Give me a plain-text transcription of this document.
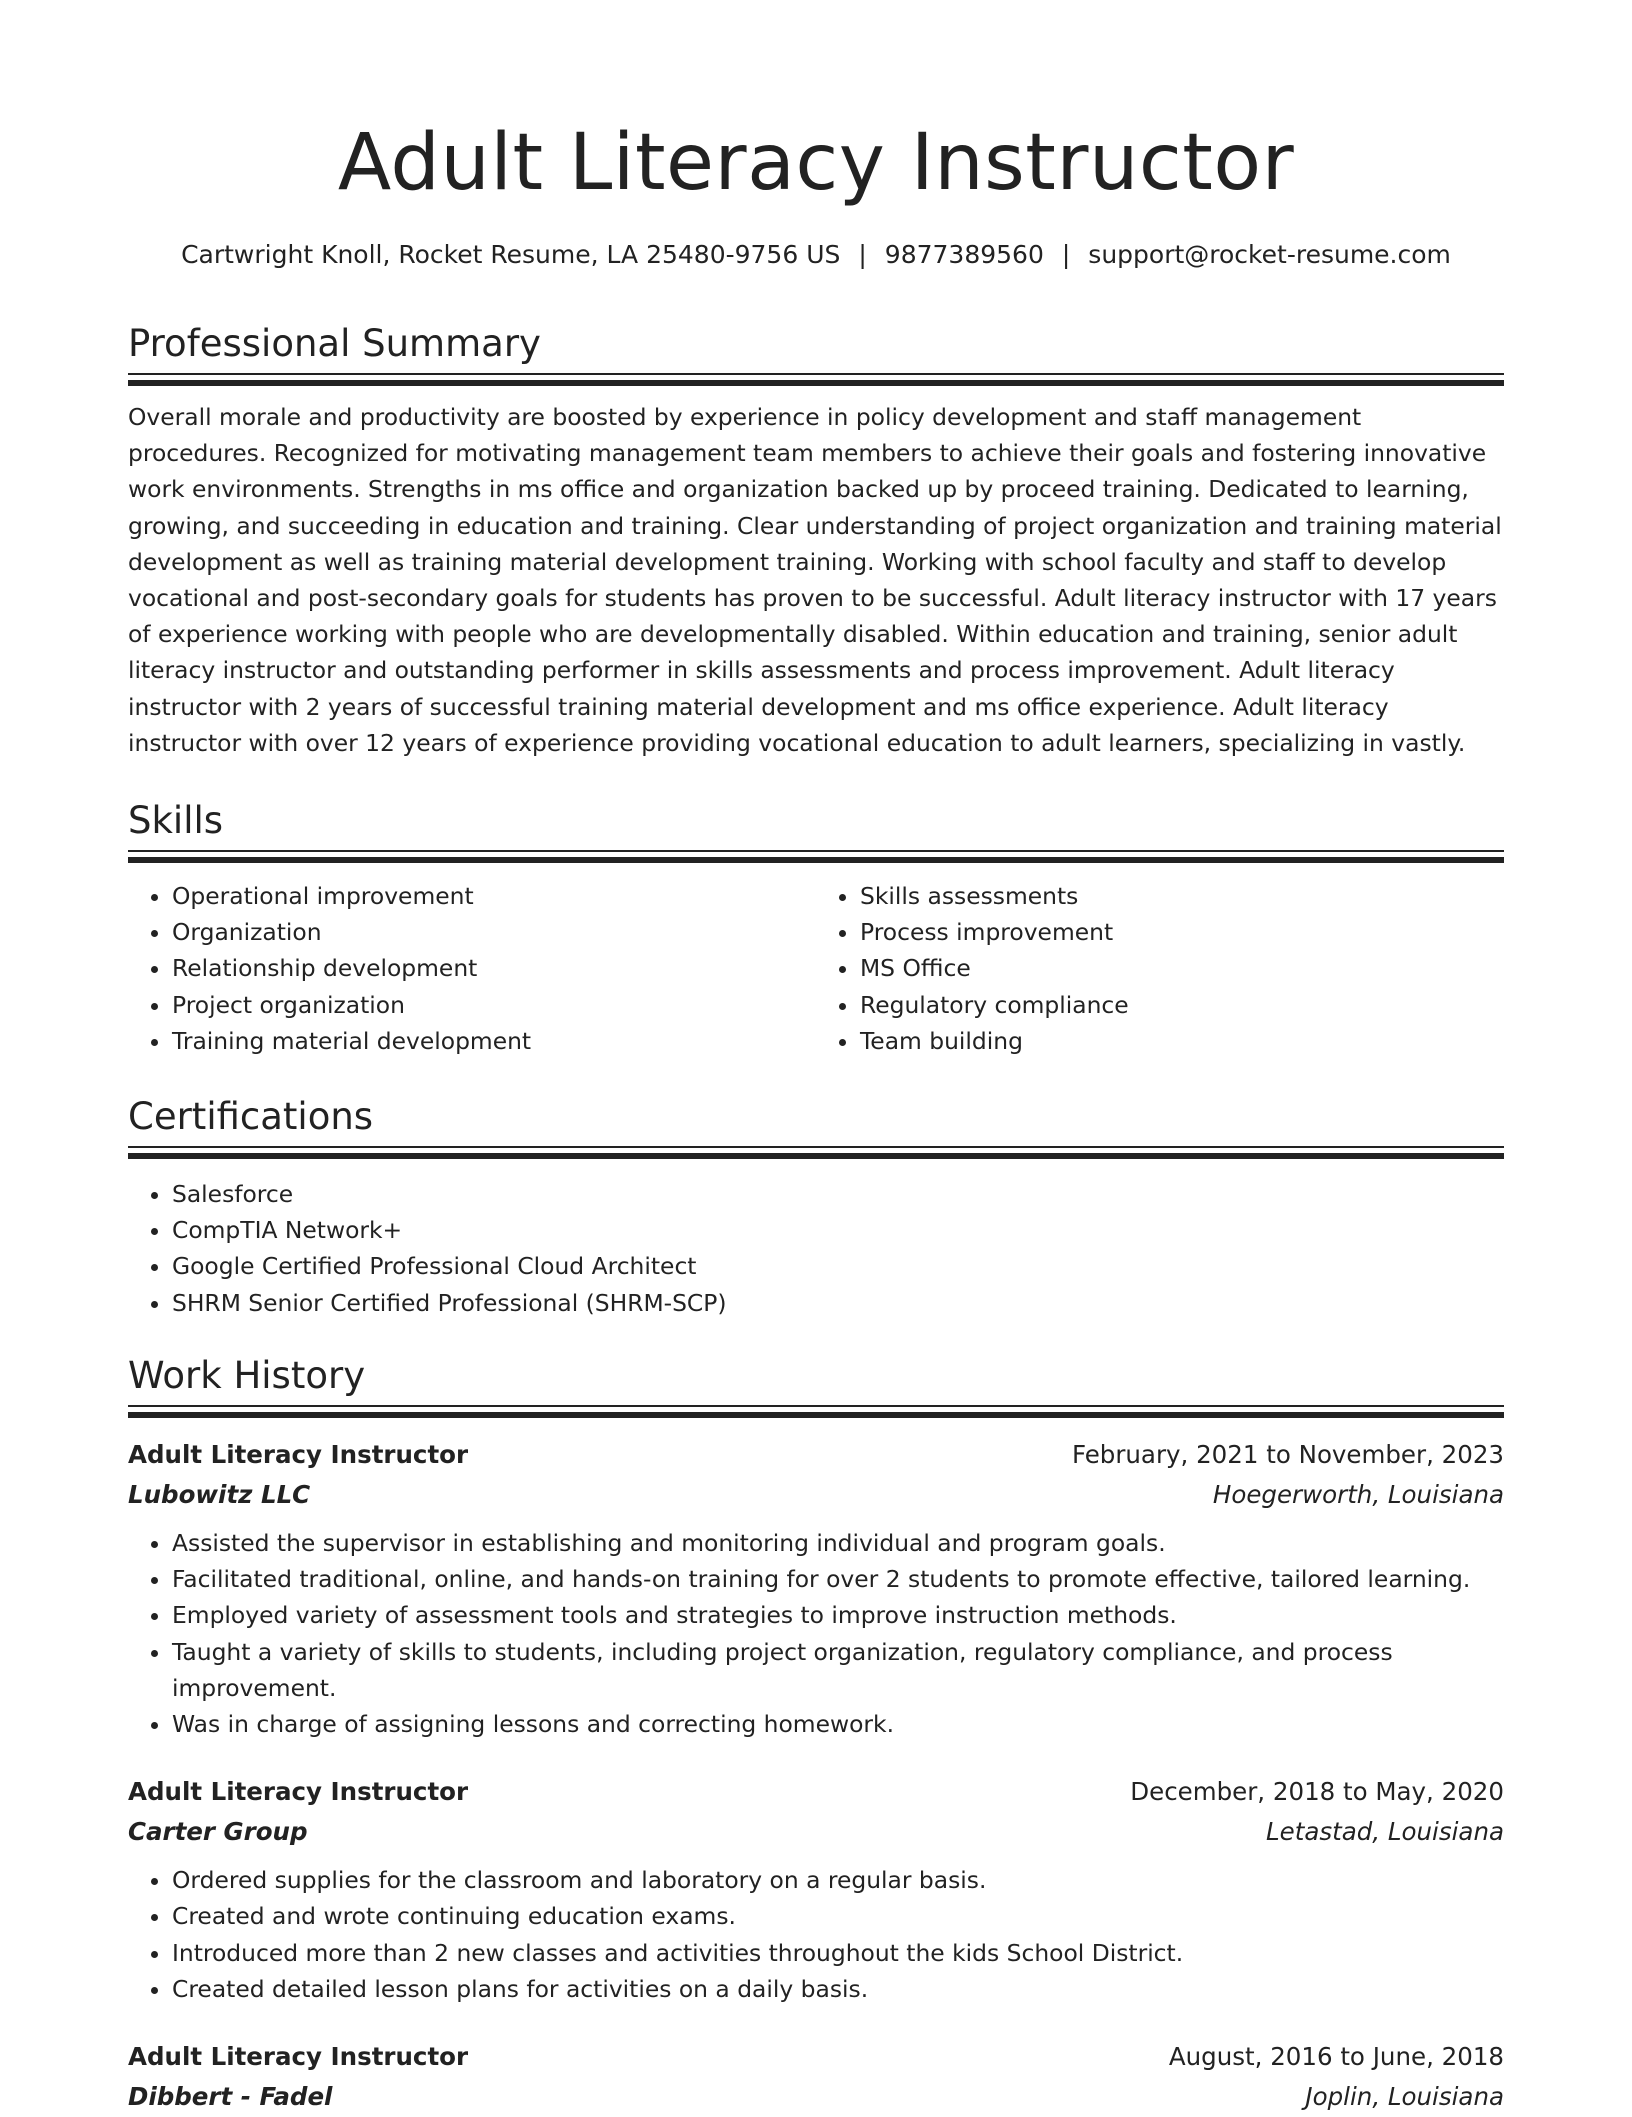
Adult Literacy Instructor
Cartwright Knoll, Rocket Resume, LA 25480-9756 US | 9877389560 | support@rocket-resume.com
Professional Summary

Overall morale and productivity are boosted by experience in policy development and staff management procedures. Recognized for motivating management team members to achieve their goals and fostering innovative work environments. Strengths in ms office and organization backed up by proceed training. Dedicated to learning, growing, and succeeding in education and training. Clear understanding of project organization and training material development as well as training material development training. Working with school faculty and staff to develop vocational and post-secondary goals for students has proven to be successful. Adult literacy instructor with 17 years of experience working with people who are developmentally disabled. Within education and training, senior adult literacy instructor and outstanding performer in skills assessments and process improvement. Adult literacy instructor with 2 years of successful training material development and ms office experience. Adult literacy instructor with over 12 years of experience providing vocational education to adult learners, specializing in vastly.

Skills
• Operational improvement
• Organization
• Relationship development
• Project organization
• Training material development
• Skills assessments
• Process improvement
• MS Office
• Regulatory compliance
• Team building
Certifications
• Salesforce
• CompTIA Network+
• Google Certified Professional Cloud Architect
• SHRM Senior Certified Professional (SHRM-SCP)
Work History
Adult Literacy Instructor	February, 2021 to November, 2023
Lubowitz LLC	Hoegerworth, Louisiana
• Assisted the supervisor in establishing and monitoring individual and program goals.
• Facilitated traditional, online, and hands-on training for over 2 students to promote effective, tailored learning.
• Employed variety of assessment tools and strategies to improve instruction methods.
• Taught a variety of skills to students, including project organization, regulatory compliance, and process improvement.
• Was in charge of assigning lessons and correcting homework.
Adult Literacy Instructor	December, 2018 to May, 2020
Carter Group	Letastad, Louisiana
• Ordered supplies for the classroom and laboratory on a regular basis.
• Created and wrote continuing education exams.
• Introduced more than 2 new classes and activities throughout the kids School District.
• Created detailed lesson plans for activities on a daily basis.
Adult Literacy Instructor	August, 2016 to June, 2018
Dibbert - Fadel	Joplin, Louisiana
